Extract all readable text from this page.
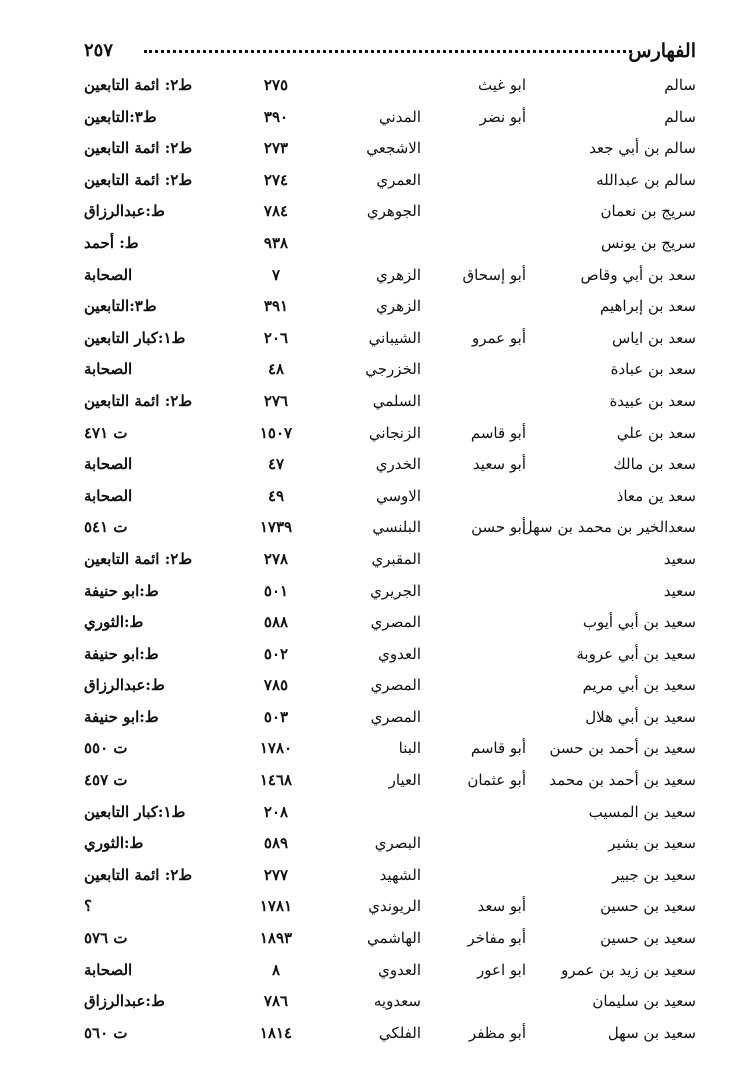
الفهارس
٢٥٧
سالم
ابو غيث
٢٧٥
ط٢: ائمة التابعين
سالم
أبو نضر
المدني
٣٩٠
ط٣:التابعين
سالم بن أبي جعد
الاشجعي
٢٧٣
ط٢: ائمة التابعين
سالم بن عبدالله
العمري
٢٧٤
ط٢: ائمة التابعين
سريج بن نعمان
الجوهري
٧٨٤
ط:عبدالرزاق
سريج بن يونس
٩٣٨
ط: أحمد
سعد بن أبي وقاص
أبو إسحاق
الزهري
٧
الصحابة
سعد بن إبراهيم
الزهري
٣٩١
ط٣:التابعين
سعد بن اياس
أبو عمرو
الشيباني
٢٠٦
ط١:كبار التابعين
سعد بن عبادة
الخزرجي
٤٨
الصحابة
سعد بن عبيدة
السلمي
٢٧٦
ط٢: ائمة التابعين
سعد بن علي
أبو قاسم
الزنجاني
١٥٠٧
ت ٤٧١
سعد بن مالك
أبو سعيد
الخدري
٤٧
الصحابة
سعد ين معاذ
الاوسي
٤٩
الصحابة
سعدالخير بن محمد بن سهل
أبو حسن
البلنسي
١٧٣٩
ت ٥٤١
سعيد
المقبري
٢٧٨
ط٢: ائمة التابعين
سعيد
الجريري
٥٠١
ط:ابو حنيفة
سعيد بن أبي أيوب
المصري
٥٨٨
ط:الثوري
سعيد بن أبي عروبة
العدوي
٥٠٢
ط:ابو حنيفة
سعيد بن أبي مريم
المصري
٧٨٥
ط:عبدالرزاق
سعيد بن أبي هلال
المصري
٥٠٣
ط:ابو حنيفة
سعيد بن أحمد بن حسن
أبو قاسم
البنا
١٧٨٠
ت ٥٥٠
سعيد بن أحمد بن محمد
أبو عثمان
العيار
١٤٦٨
ت ٤٥٧
سعيد بن المسيب
٢٠٨
ط١:كبار التابعين
سعيد بن بشير
البصري
٥٨٩
ط:الثوري
سعيد بن جبير
الشهيد
٢٧٧
ط٢: ائمة التابعين
سعيد بن حسين
أبو سعد
الريوندي
١٧٨١
؟
سعيد بن حسين
أبو مفاخر
الهاشمي
١٨٩٣
ت ٥٧٦
سعيد بن زيد بن عمرو
ابو اعور
العدوي
٨
الصحابة
سعيد بن سليمان
سعدويه
٧٨٦
ط:عبدالرزاق
سعيد بن سهل
أبو مظفر
الفلكي
١٨١٤
ت ٥٦٠
